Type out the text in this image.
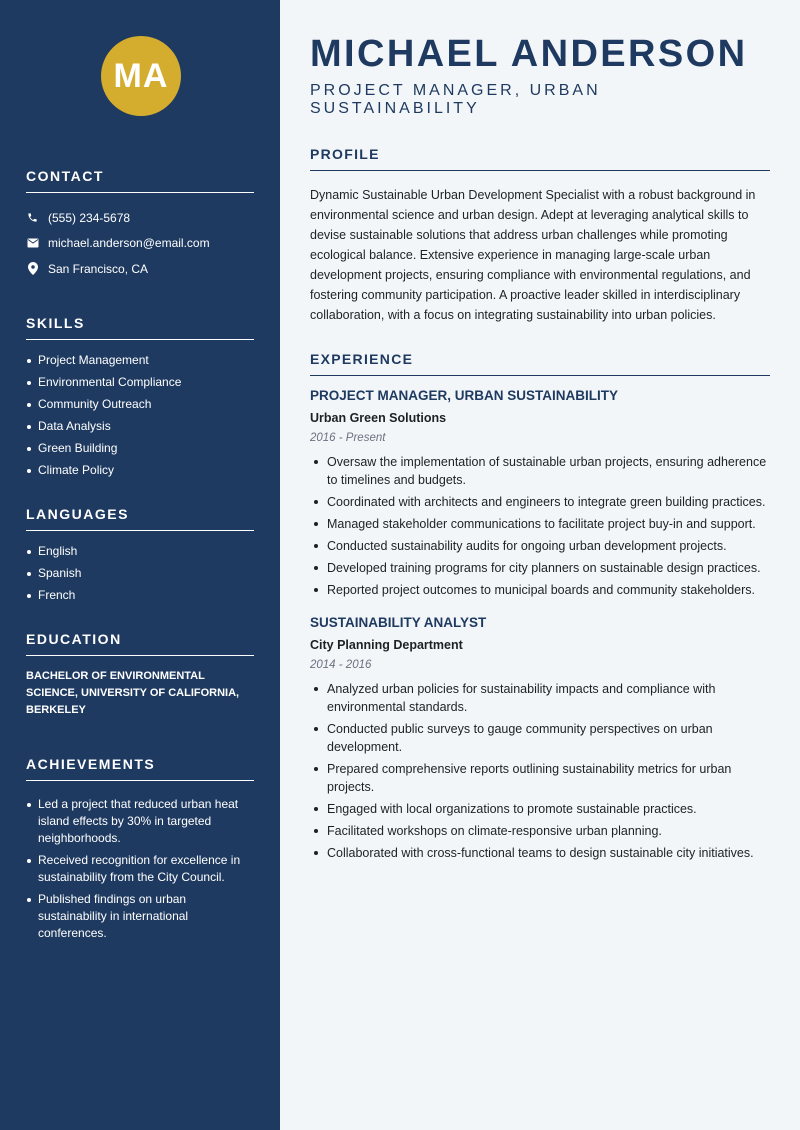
MA
CONTACT
(555) 234-5678
michael.anderson@email.com
San Francisco, CA
SKILLS
Project Management
Environmental Compliance
Community Outreach
Data Analysis
Green Building
Climate Policy
LANGUAGES
English
Spanish
French
EDUCATION
BACHELOR OF ENVIRONMENTAL SCIENCE, UNIVERSITY OF CALIFORNIA, BERKELEY
ACHIEVEMENTS
Led a project that reduced urban heat island effects by 30% in targeted neighborhoods.
Received recognition for excellence in sustainability from the City Council.
Published findings on urban sustainability in international conferences.
MICHAEL ANDERSON
PROJECT MANAGER, URBAN SUSTAINABILITY
PROFILE

Dynamic Sustainable Urban Development Specialist with a robust background in environmental science and urban design. Adept at leveraging analytical skills to devise sustainable solutions that address urban challenges while promoting ecological balance. Extensive experience in managing large-scale urban development projects, ensuring compliance with environmental regulations, and fostering community participation. A proactive leader skilled in interdisciplinary collaboration, with a focus on integrating sustainability into urban policies.

EXPERIENCE
PROJECT MANAGER, URBAN SUSTAINABILITY
Urban Green Solutions
2016 - Present
Oversaw the implementation of sustainable urban projects, ensuring adherence to timelines and budgets.
Coordinated with architects and engineers to integrate green building practices.
Managed stakeholder communications to facilitate project buy-in and support.
Conducted sustainability audits for ongoing urban development projects.
Developed training programs for city planners on sustainable design practices.
Reported project outcomes to municipal boards and community stakeholders.
SUSTAINABILITY ANALYST
City Planning Department
2014 - 2016
Analyzed urban policies for sustainability impacts and compliance with environmental standards.
Conducted public surveys to gauge community perspectives on urban development.
Prepared comprehensive reports outlining sustainability metrics for urban projects.
Engaged with local organizations to promote sustainable practices.
Facilitated workshops on climate-responsive urban planning.
Collaborated with cross-functional teams to design sustainable city initiatives.
